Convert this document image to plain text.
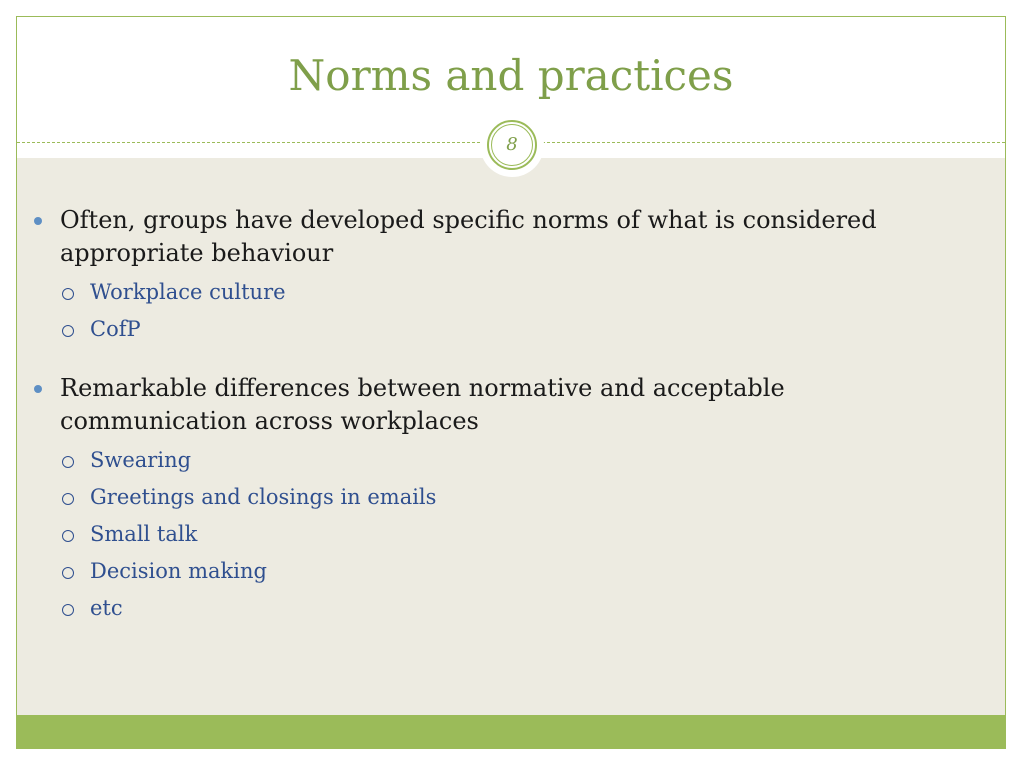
Norms and practices
8
Often, groups have developed specific norms of what is considered appropriate behaviour
Workplace culture
CofP
Remarkable differences between normative and acceptable communication across workplaces
Swearing
Greetings and closings in emails
Small talk
Decision making
etc
